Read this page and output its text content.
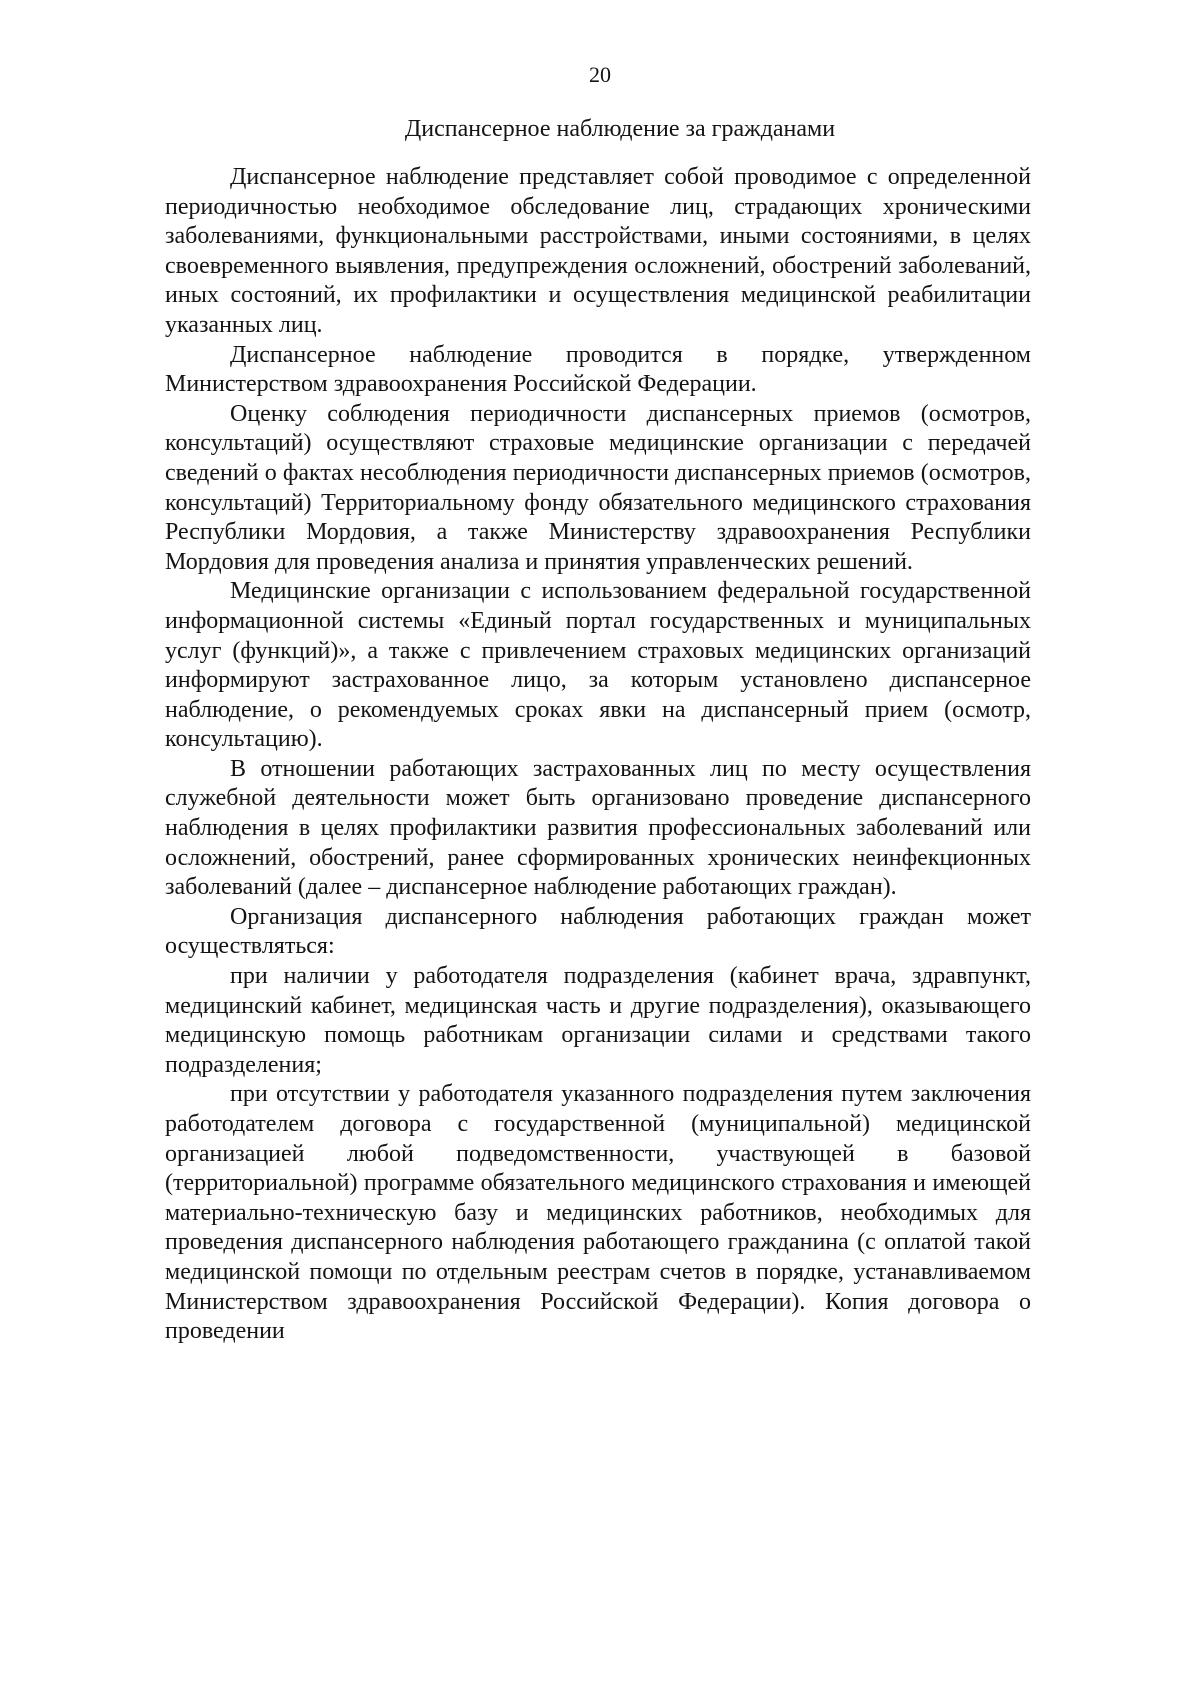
20
Диспансерное наблюдение за гражданами

Диспансерное наблюдение представляет собой проводимое с определенной периодичностью необходимое обследование лиц, страдающих хроническими заболеваниями, функциональными расстройствами, иными состояниями, в целях своевременного выявления, предупреждения осложнений, обострений заболеваний, иных состояний, их профилактики и осуществления медицинской реабилитации указанных лиц.

Диспансерное наблюдение проводится в порядке, утвержденном Министерством здравоохранения Российской Федерации.

Оценку соблюдения периодичности диспансерных приемов (осмотров, консультаций) осуществляют страховые медицинские организации с передачей сведений о фактах несоблюдения периодичности диспансерных приемов (осмотров, консультаций) Территориальному фонду обязательного медицинского страхования Республики Мордовия, а также Министерству здравоохранения Республики Мордовия для проведения анализа и принятия управленческих решений.

Медицинские организации с использованием федеральной государственной информационной системы «Единый портал государственных и муниципальных услуг (функций)», а также с привлечением страховых медицинских организаций информируют застрахованное лицо, за которым установлено диспансерное наблюдение, о рекомендуемых сроках явки на диспансерный прием (осмотр, консультацию).

В отношении работающих застрахованных лиц по месту осуществления служебной деятельности может быть организовано проведение диспансерного наблюдения в целях профилактики развития профессиональных заболеваний или осложнений, обострений, ранее сформированных хронических неинфекционных заболеваний (далее – диспансерное наблюдение работающих граждан).

Организация диспансерного наблюдения работающих граждан может осуществляться:

при наличии у работодателя подразделения (кабинет врача, здравпункт, медицинский кабинет, медицинская часть и другие подразделения), оказывающего медицинскую помощь работникам организации силами и средствами такого подразделения;

при отсутствии у работодателя указанного подразделения путем заключения работодателем договора с государственной (муниципальной) медицинской организацией любой подведомственности, участвующей в базовой (территориальной) программе обязательного медицинского страхования и имеющей материально-техническую базу и медицинских работников, необходимых для проведения диспансерного наблюдения работающего гражданина (с оплатой такой медицинской помощи по отдельным реестрам счетов в порядке, устанавливаемом Министерством здравоохранения Российской Федерации). Копия договора о проведении
